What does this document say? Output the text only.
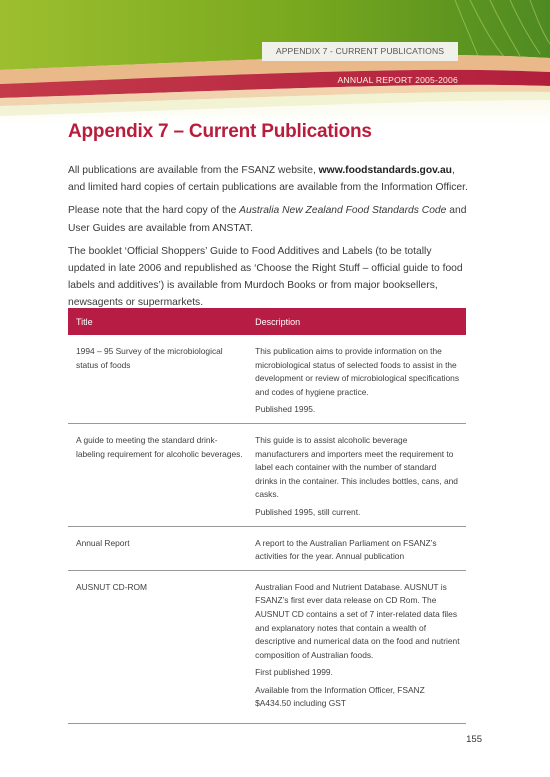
APPENDIX 7 - CURRENT PUBLICATIONS
ANNUAL REPORT 2005-2006
Appendix 7 – Current Publications

All publications are available from the FSANZ website, www.foodstandards.gov.au, and limited hard copies of certain publications are available from the Information Officer.

Please note that the hard copy of the Australia New Zealand Food Standards Code and User Guides are available from ANSTAT.

The booklet ‘Official Shoppers’ Guide to Food Additives and Labels (to be totally updated in late 2006 and republished as ‘Choose the Right Stuff – official guide to food labels and additives’) is available from Murdoch Books or from major booksellers, newsagents or supermarkets.

Title	Description
1994 – 95 Survey of the microbiological status of foods	This publication aims to provide information on the microbiological status of selected foods to assist in the development or review of microbiological specifications and codes of hygiene practice.
Published 1995.

A guide to meeting the standard drink-labeling requirement for alcoholic beverages.	This guide is to assist alcoholic beverage manufacturers and importers meet the requirement to label each container with the number of standard drinks in the container. This includes bottles, cans, and casks.
Published 1995, still current.

Annual Report	A report to the Australian Parliament on FSANZ’s activities for the year. Annual publication

AUSNUT CD-ROM	Australian Food and Nutrient Database. AUSNUT is FSANZ’s first ever data release on CD Rom. The AUSNUT CD contains a set of 7 inter-related data files and explanatory notes that contain a wealth of descriptive and numerical data on the food and nutrient composition of Australian foods.
First published 1999.
Available from the Information Officer, FSANZ $A434.50 including GST
155
